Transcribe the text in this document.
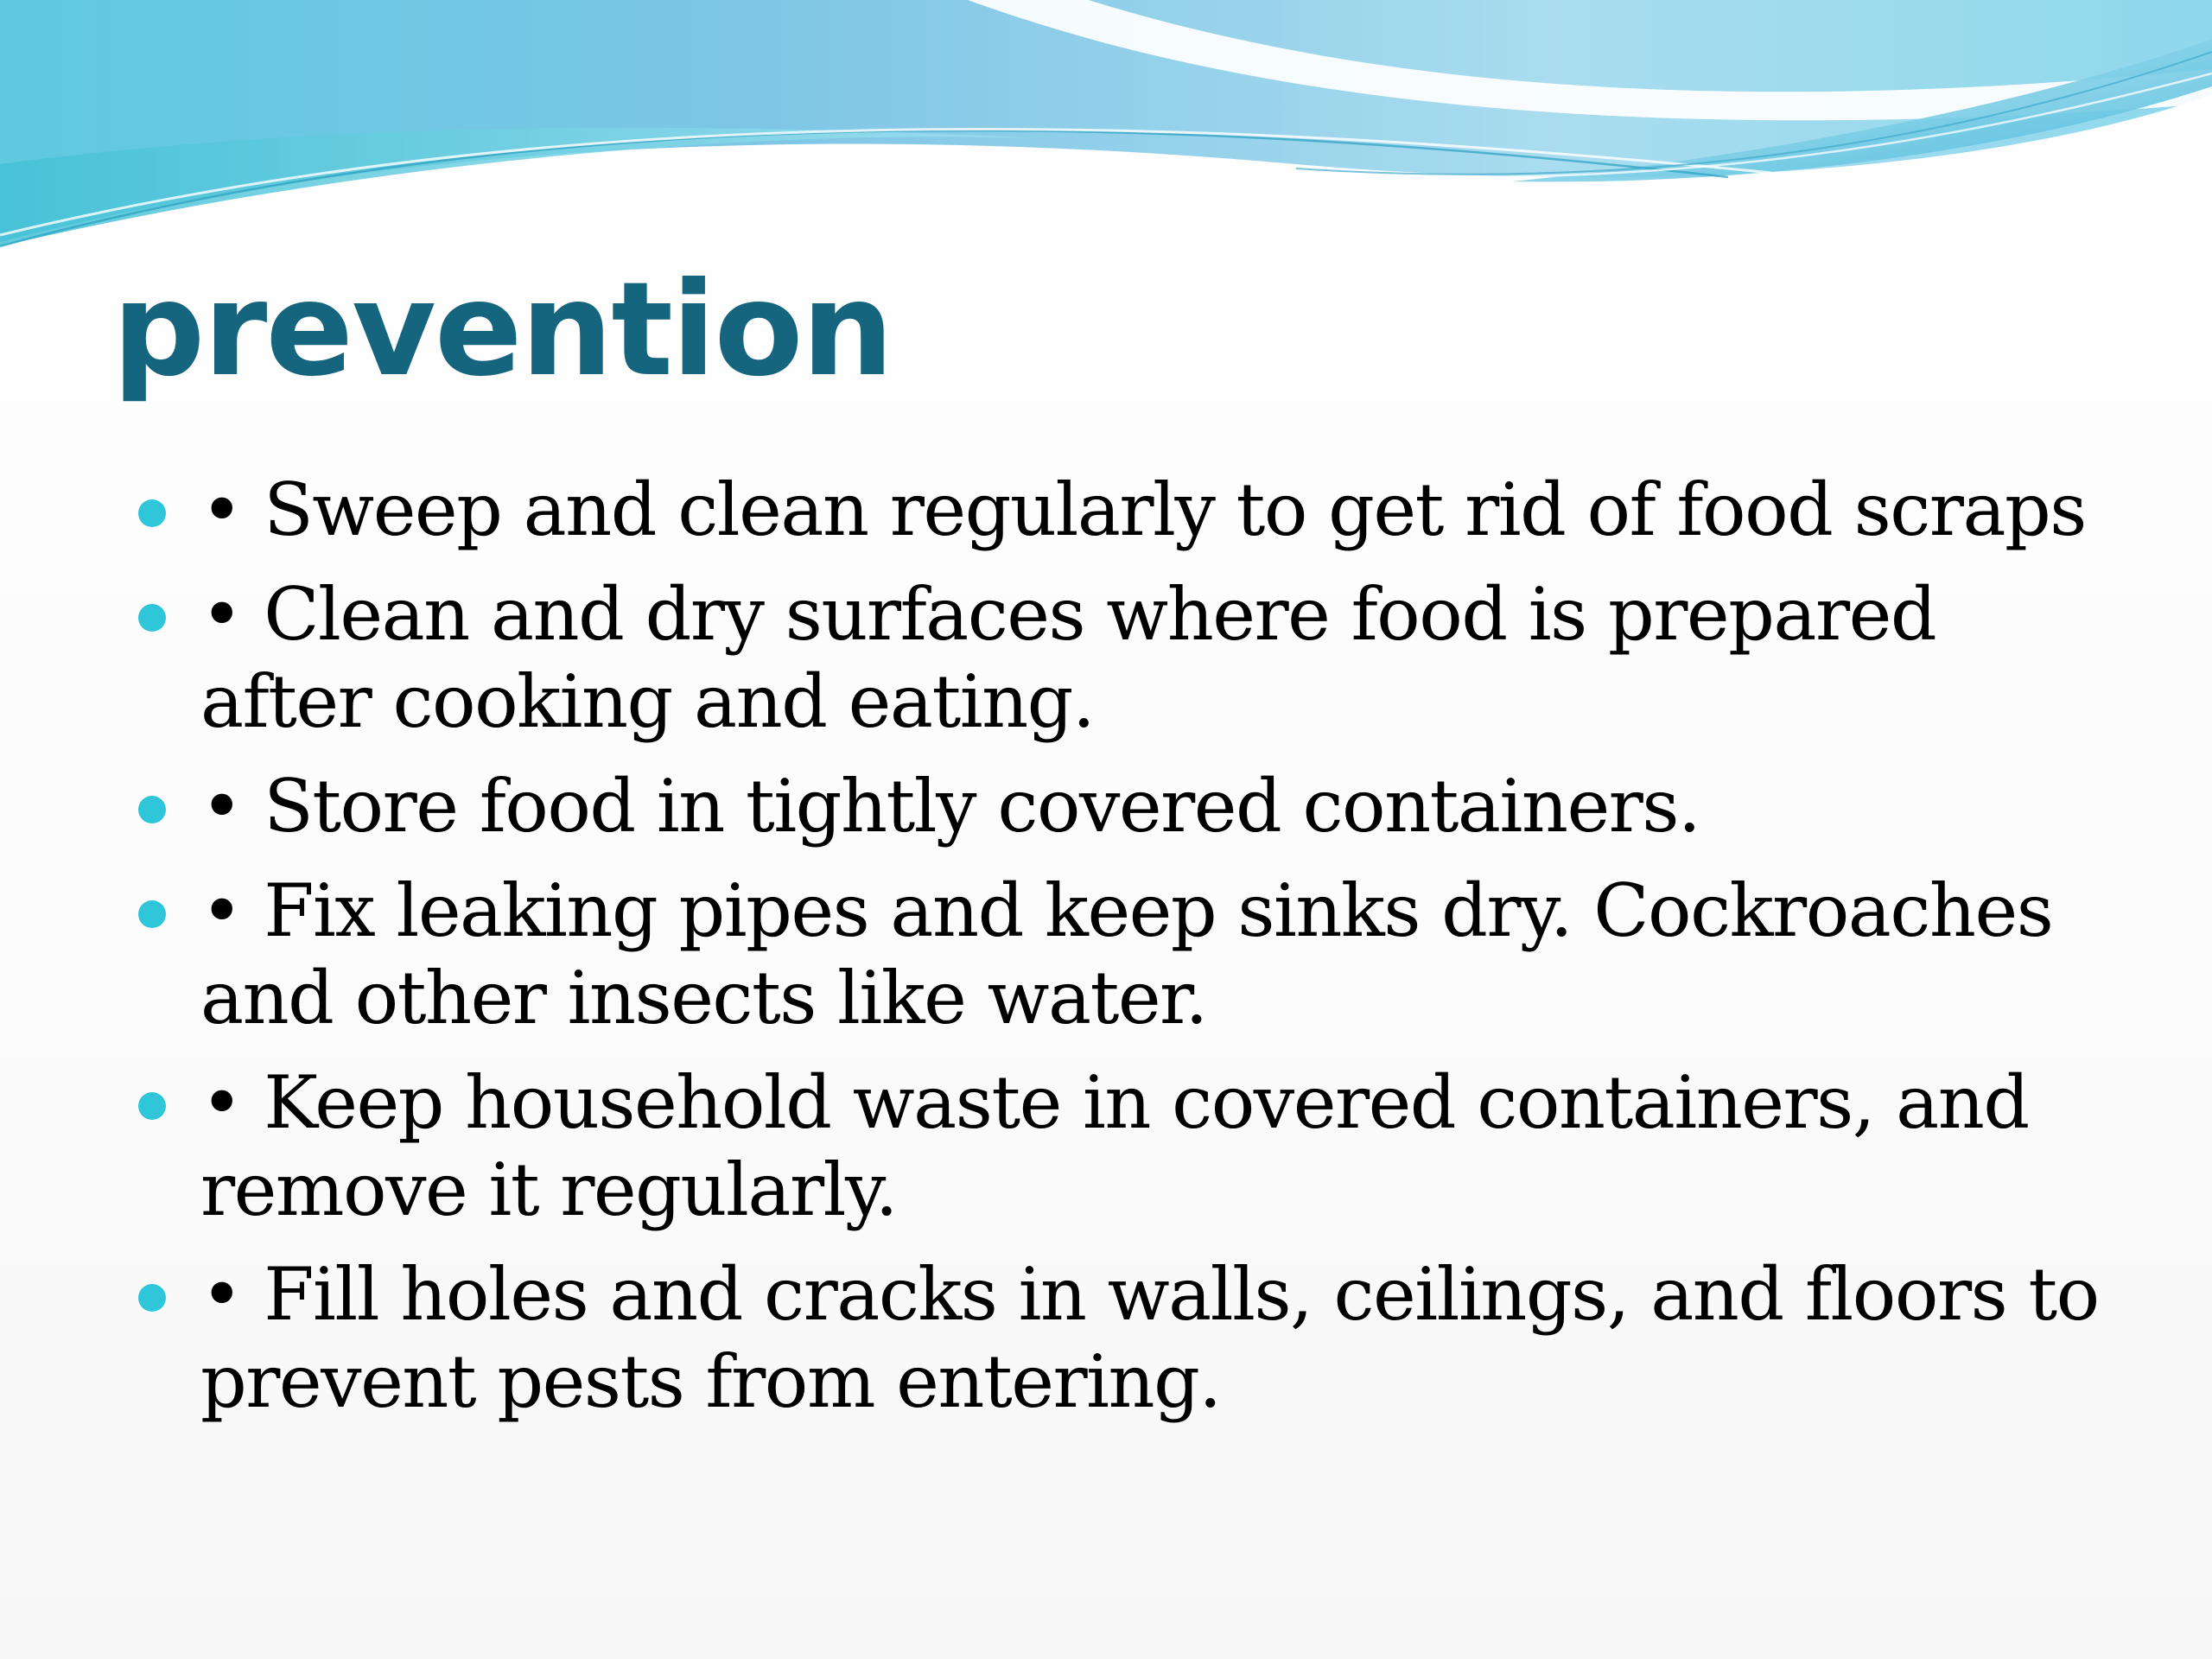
prevention
• Sweep and clean regularly to get rid of food scraps
• Clean and dry surfaces where food is prepared after cooking and eating.
• Store food in tightly covered containers.
• Fix leaking pipes and keep sinks dry. Cockroaches and other insects like water.
• Keep household waste in covered containers, and remove it regularly.
• Fill holes and cracks in walls, ceilings, and floors to prevent pests from entering.
